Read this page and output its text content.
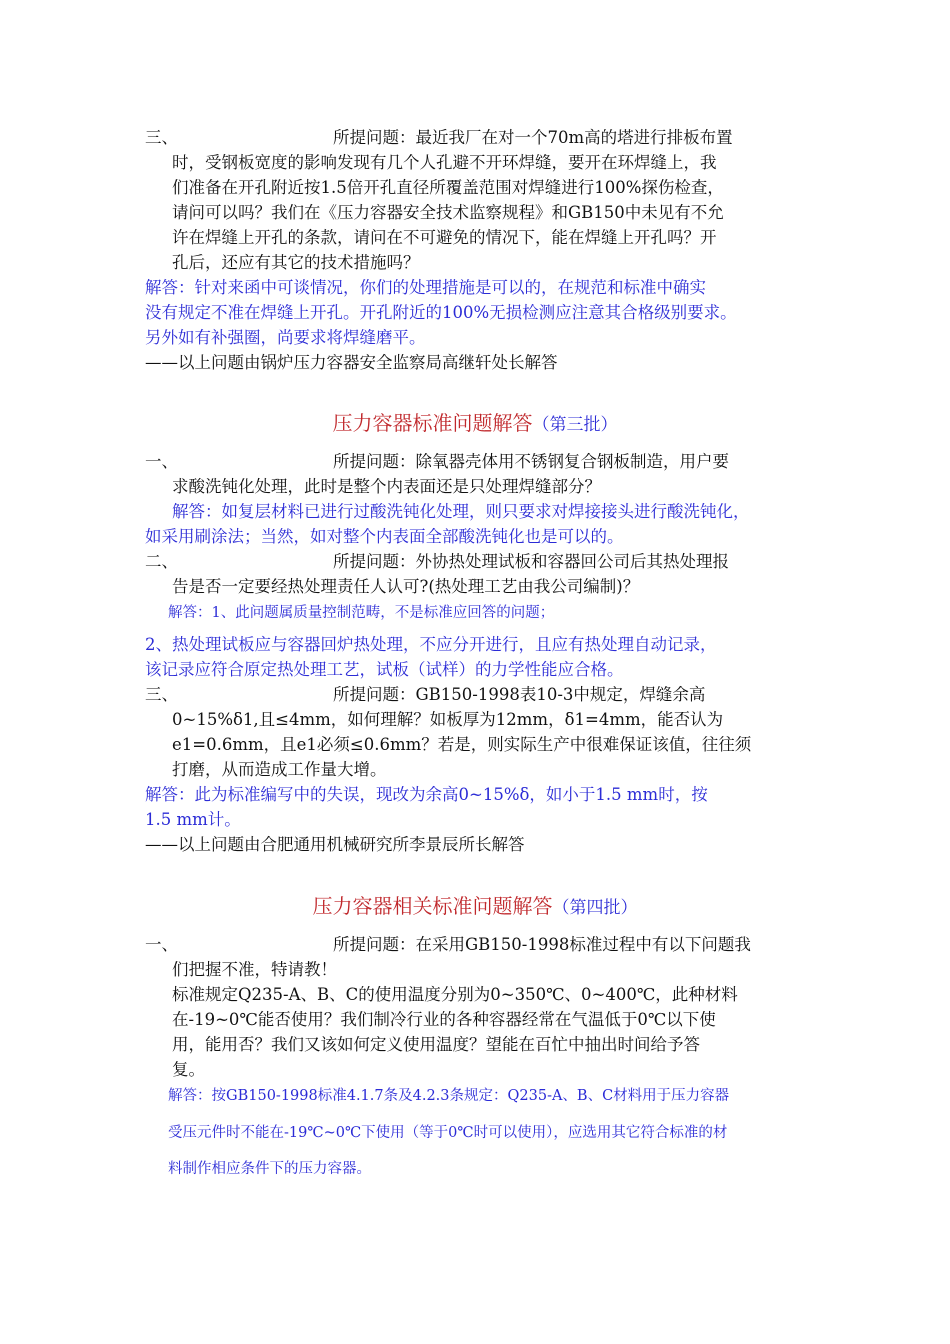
三、	所提问题：最近我厂在对一个70m高的塔进行排板布置
时，受钢板宽度的影响发现有几个人孔避不开环焊缝，要开在环焊缝上，我
们准备在开孔附近按1.5倍开孔直径所覆盖范围对焊缝进行100%探伤检查，
请问可以吗？我们在《压力容器安全技术监察规程》和GB150中未见有不允
许在焊缝上开孔的条款，请问在不可避免的情况下，能在焊缝上开孔吗？开
孔后，还应有其它的技术措施吗？
解答：针对来函中可谈情况，你们的处理措施是可以的，在规范和标准中确实
没有规定不准在焊缝上开孔。开孔附近的100%无损检测应注意其合格级别要求。
另外如有补强圈，尚要求将焊缝磨平。
——以上问题由锅炉压力容器安全监察局高继轩处长解答
压力容器标准问题解答（第三批）
一、	所提问题：除氧器壳体用不锈钢复合钢板制造，用户要
求酸洗钝化处理，此时是整个内表面还是只处理焊缝部分？
解答：如复层材料已进行过酸洗钝化处理，则只要求对焊接接头进行酸洗钝化，
如采用刷涂法；当然，如对整个内表面全部酸洗钝化也是可以的。
二、	所提问题：外协热处理试板和容器回公司后其热处理报
告是否一定要经热处理责任人认可?(热处理工艺由我公司编制)？
解答：1、此问题属质量控制范畴，不是标准应回答的问题；
2、热处理试板应与容器回炉热处理，不应分开进行，且应有热处理自动记录，
该记录应符合原定热处理工艺，试板（试样）的力学性能应合格。
三、	所提问题：GB150-1998表10-3中规定，焊缝余高
0~15%δ1,且≤4mm，如何理解？如板厚为12mm，δ1=4mm，能否认为
e1=0.6mm，且e1必须≤0.6mm？若是，则实际生产中很难保证该值，往往须
打磨，从而造成工作量大增。
解答：此为标准编写中的失误，现改为余高0~15%δ，如小于1.5 mm时，按
1.5 mm计。
——以上问题由合肥通用机械研究所李景辰所长解答
压力容器相关标准问题解答（第四批）
一、	所提问题：在采用GB150-1998标准过程中有以下问题我
们把握不准，特请教！
标准规定Q235-A、B、C的使用温度分别为0~350℃、0~400℃，此种材料
在-19~0℃能否使用？我们制冷行业的各种容器经常在气温低于0℃以下使
用，能用否？我们又该如何定义使用温度？望能在百忙中抽出时间给予答
复。
解答：按GB150-1998标准4.1.7条及4.2.3条规定：Q235-A、B、C材料用于压力容器
受压元件时不能在-19℃~0℃下使用（等于0℃时可以使用），应选用其它符合标准的材
料制作相应条件下的压力容器。
